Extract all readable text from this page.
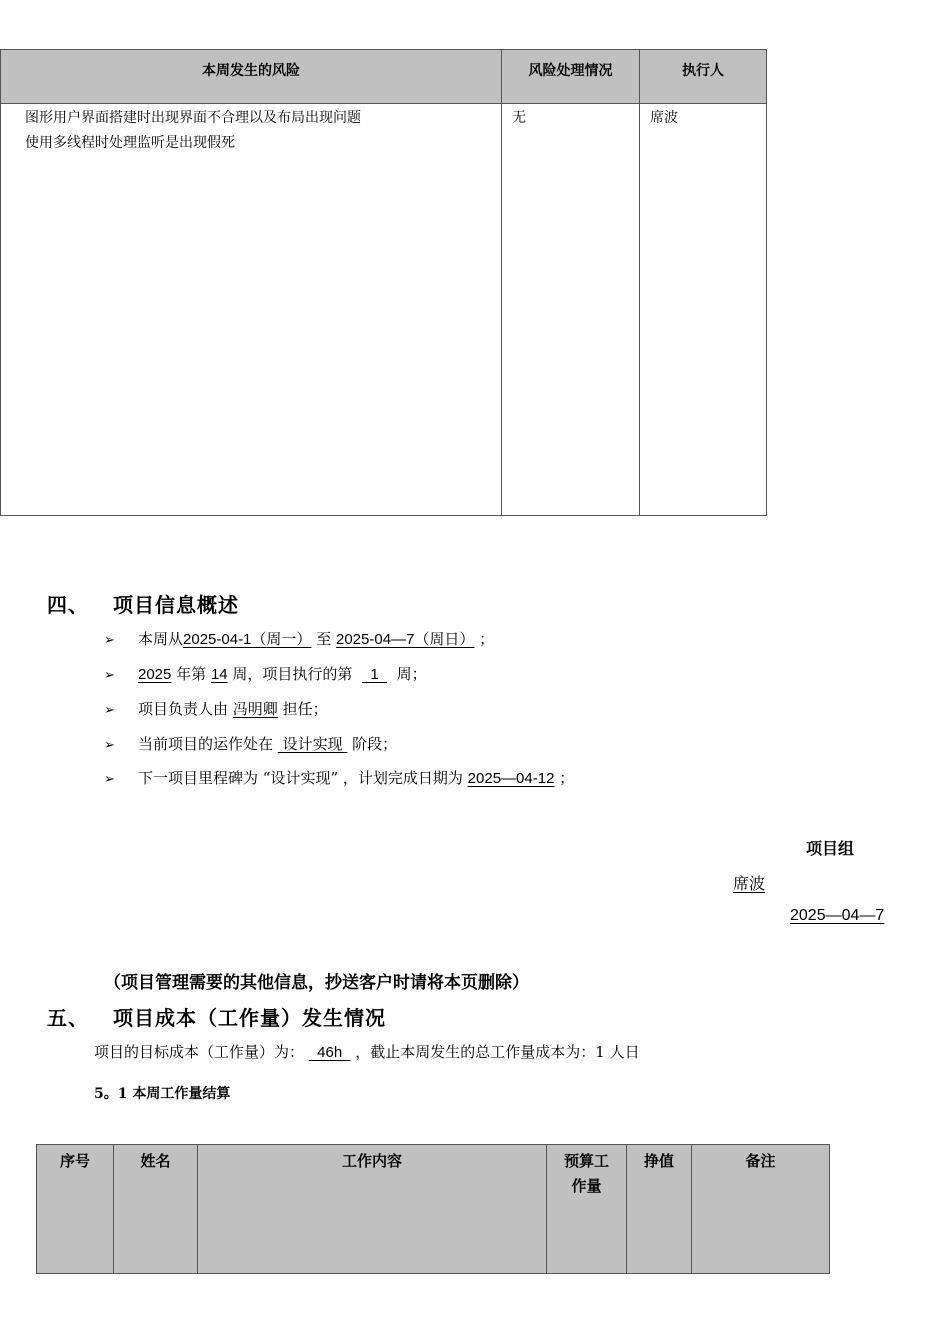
本周发生的风险	风险处理情况	执行人

图形用户界面搭建时出现界面不合理以及布局出现问题
使用多线程时处理监听是出现假死	无	席波
四、 项目信息概述
➢ 本周从2025-04-1（周一） 至 2025-04—7（周日） ；
➢ 2025 年第 14 周，项目执行的第 1 周；
➢ 项目负责人由 冯明卿 担任；
➢ 当前项目的运作处在 设计实现 阶段；
➢ 下一项目里程碑为 “设计实现” ，计划完成日期为 2025—04-12 ；
项目组
席波
2025—04—7
（项目管理需要的其他信息，抄送客户时请将本页删除）
五、 项目成本（工作量）发生情况
项目的目标成本（工作量）为： 46h ，截止本周发生的总工作量成本为：1 人日
5。1 本周工作量结算
序号	姓名	工作内容	预算工作量	挣值	备注
